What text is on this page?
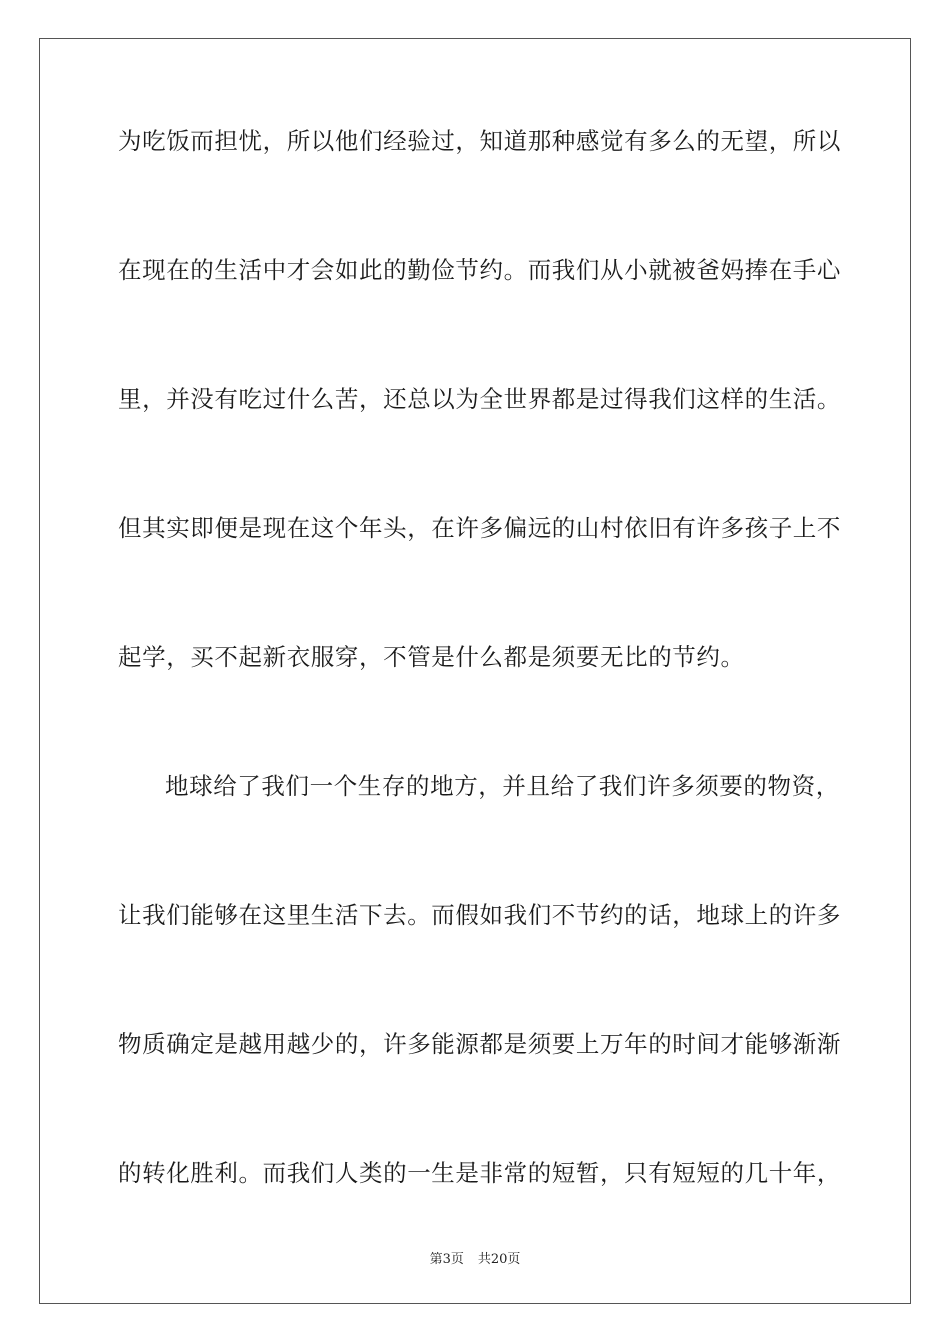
为吃饭而担忧，所以他们经验过，知道那种感觉有多么的无望，所以
在现在的生活中才会如此的勤俭节约。而我们从小就被爸妈捧在手心
里，并没有吃过什么苦，还总以为全世界都是过得我们这样的生活。
但其实即便是现在这个年头，在许多偏远的山村依旧有许多孩子上不
起学，买不起新衣服穿，不管是什么都是须要无比的节约。
地球给了我们一个生存的地方，并且给了我们许多须要的物资，
让我们能够在这里生活下去。而假如我们不节约的话，地球上的许多
物质确定是越用越少的，许多能源都是须要上万年的时间才能够渐渐
的转化胜利。而我们人类的一生是非常的短暂，只有短短的几十年，
第3页 共20页
